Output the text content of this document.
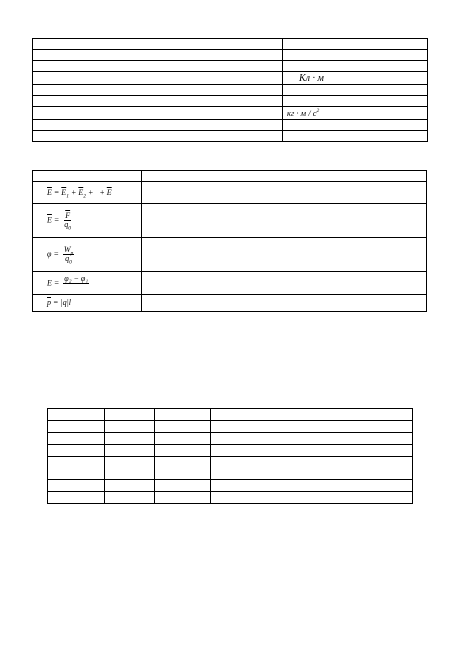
	Кл · м

	кг · м / $с^2$

$\overline{E} = \overline{E}_1 + \overline{E}_2$ + + $\overline{E}$	
$\overline{E} = \frac{\overline{F}}{q_0}$

$\varphi = \frac{W_p}{q_0}$

E = φ₂ − φ₁	

$\overline{p} = |q|l$	
